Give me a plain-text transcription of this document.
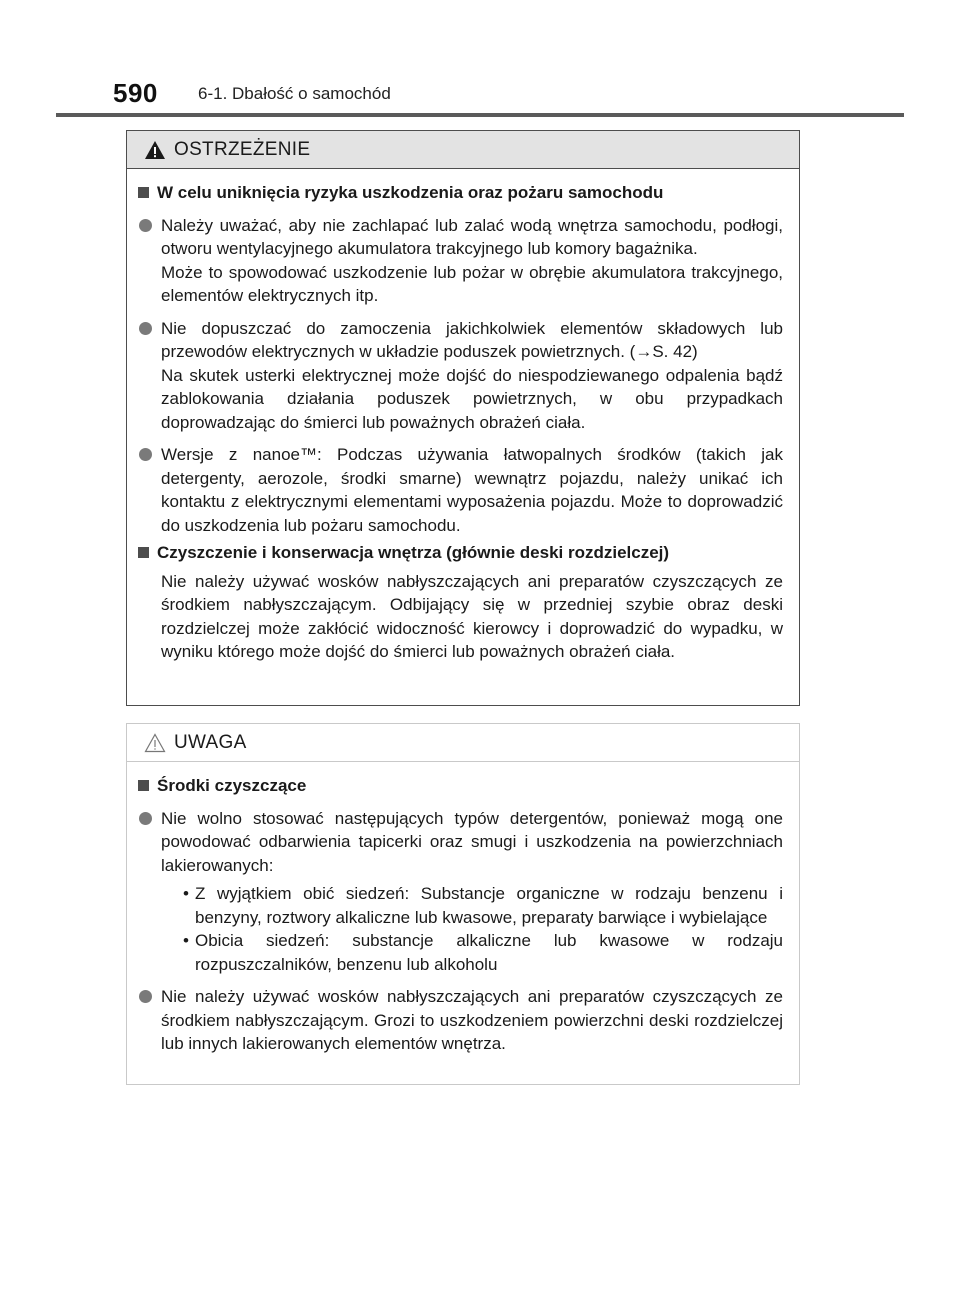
590 6-1. Dbałość o samochód
OSTRZEŻENIE
W celu uniknięcia ryzyka uszkodzenia oraz pożaru samochodu
Należy uważać, aby nie zachlapać lub zalać wodą wnętrza samochodu, podłogi, otworu wentylacyjnego akumulatora trakcyjnego lub komory bagażnika.
Może to spowodować uszkodzenie lub pożar w obrębie akumulatora trakcyjnego, elementów elektrycznych itp.
Nie dopuszczać do zamoczenia jakichkolwiek elementów składowych lub przewodów elektrycznych w układzie poduszek powietrznych. (→S. 42)
Na skutek usterki elektrycznej może dojść do niespodziewanego odpalenia bądź zablokowania działania poduszek powietrznych, w obu przypadkach doprowadzając do śmierci lub poważnych obrażeń ciała.
Wersje z nanoe™: Podczas używania łatwopalnych środków (takich jak detergenty, aerozole, środki smarne) wewnątrz pojazdu, należy unikać ich kontaktu z elektrycznymi elementami wyposażenia pojazdu. Może to doprowadzić do uszkodzenia lub pożaru samochodu.
Czyszczenie i konserwacja wnętrza (głównie deski rozdzielczej)
Nie należy używać wosków nabłyszczających ani preparatów czyszczących ze środkiem nabłyszczającym. Odbijający się w przedniej szybie obraz deski rozdzielczej może zakłócić widoczność kierowcy i doprowadzić do wypadku, w wyniku którego może dojść do śmierci lub poważnych obrażeń ciała.
UWAGA
Środki czyszczące
Nie wolno stosować następujących typów detergentów, ponieważ mogą one powodować odbarwienia tapicerki oraz smugi i uszkodzenia na powierzchniach lakierowanych:
• Z wyjątkiem obić siedzeń: Substancje organiczne w rodzaju benzenu i benzyny, roztwory alkaliczne lub kwasowe, preparaty barwiące i wybielające
• Obicia siedzeń: substancje alkaliczne lub kwasowe w rodzaju rozpuszczalników, benzenu lub alkoholu
Nie należy używać wosków nabłyszczających ani preparatów czyszczących ze środkiem nabłyszczającym. Grozi to uszkodzeniem powierzchni deski rozdzielczej lub innych lakierowanych elementów wnętrza.
